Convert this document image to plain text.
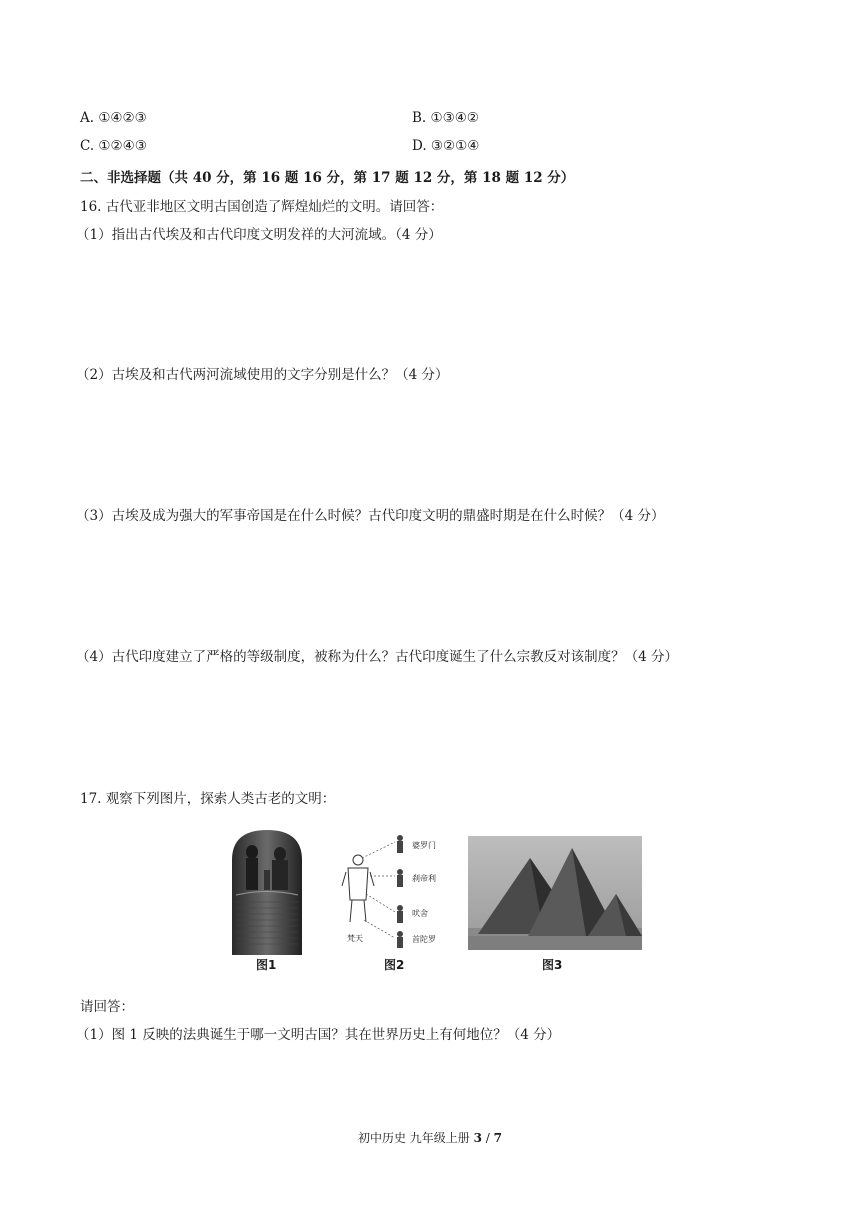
A. ①④②③	B. ①③④②
C. ①②④③	D. ③②①④
二、非选择题（共 40 分，第 16 题 16 分，第 17 题 12 分，第 18 题 12 分）
16. 古代亚非地区文明古国创造了辉煌灿烂的文明。请回答：
（1）指出古代埃及和古代印度文明发祥的大河流域。（4 分）
（2）古埃及和古代两河流域使用的文字分别是什么？（4 分）
（3）古埃及成为强大的军事帝国是在什么时候？古代印度文明的鼎盛时期是在什么时候？（4 分）
（4）古代印度建立了严格的等级制度，被称为什么？古代印度诞生了什么宗教反对该制度？（4 分）
17. 观察下列图片，探索人类古老的文明：
图1
婆罗门
刹帝利
吠舍
首陀罗
梵天
图2	图3
请回答：
（1）图 1 反映的法典诞生于哪一文明古国？其在世界历史上有何地位？（4 分）
初中历史 九年级上册 3 / 7
